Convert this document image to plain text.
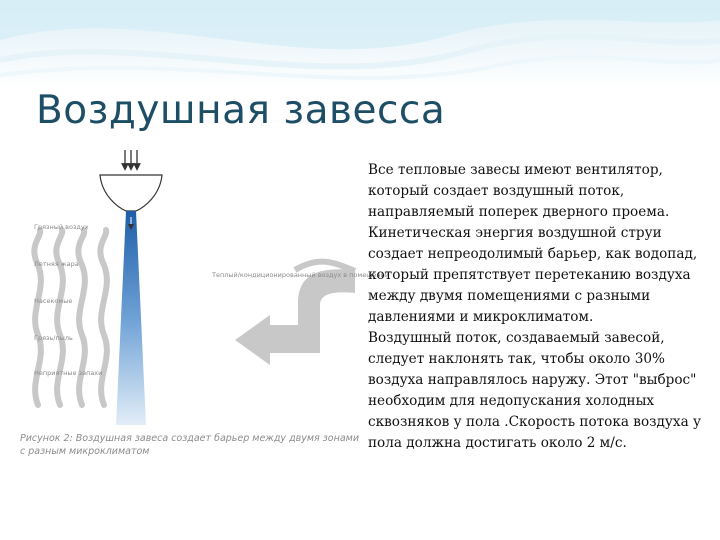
Воздушная завесса
Грязный воздух
Летняя жара
Насекомые
Грязь/пыль
Неприятные запахи
Теплый/кондиционированный воздух в помещении
Рисунок 2: Воздушная завеса создает барьер между двумя зонами с разным микроклиматом

Все тепловые завесы имеют вентилятор, который создает воздушный поток, направляемый поперек дверного проема. Кинетическая энергия воздушной струи создает непреодолимый барьер, как водопад, который препятствует перетеканию воздуха между двумя помещениями с разными давлениями и микроклиматом.

Воздушный поток, создаваемый завесой, следует наклонять так, чтобы около 30% воздуха направлялось наружу. Этот "выброс" необходим для недопускания холодных сквозняков у пола .Скорость потока воздуха у пола должна достигать около 2 м/с.
